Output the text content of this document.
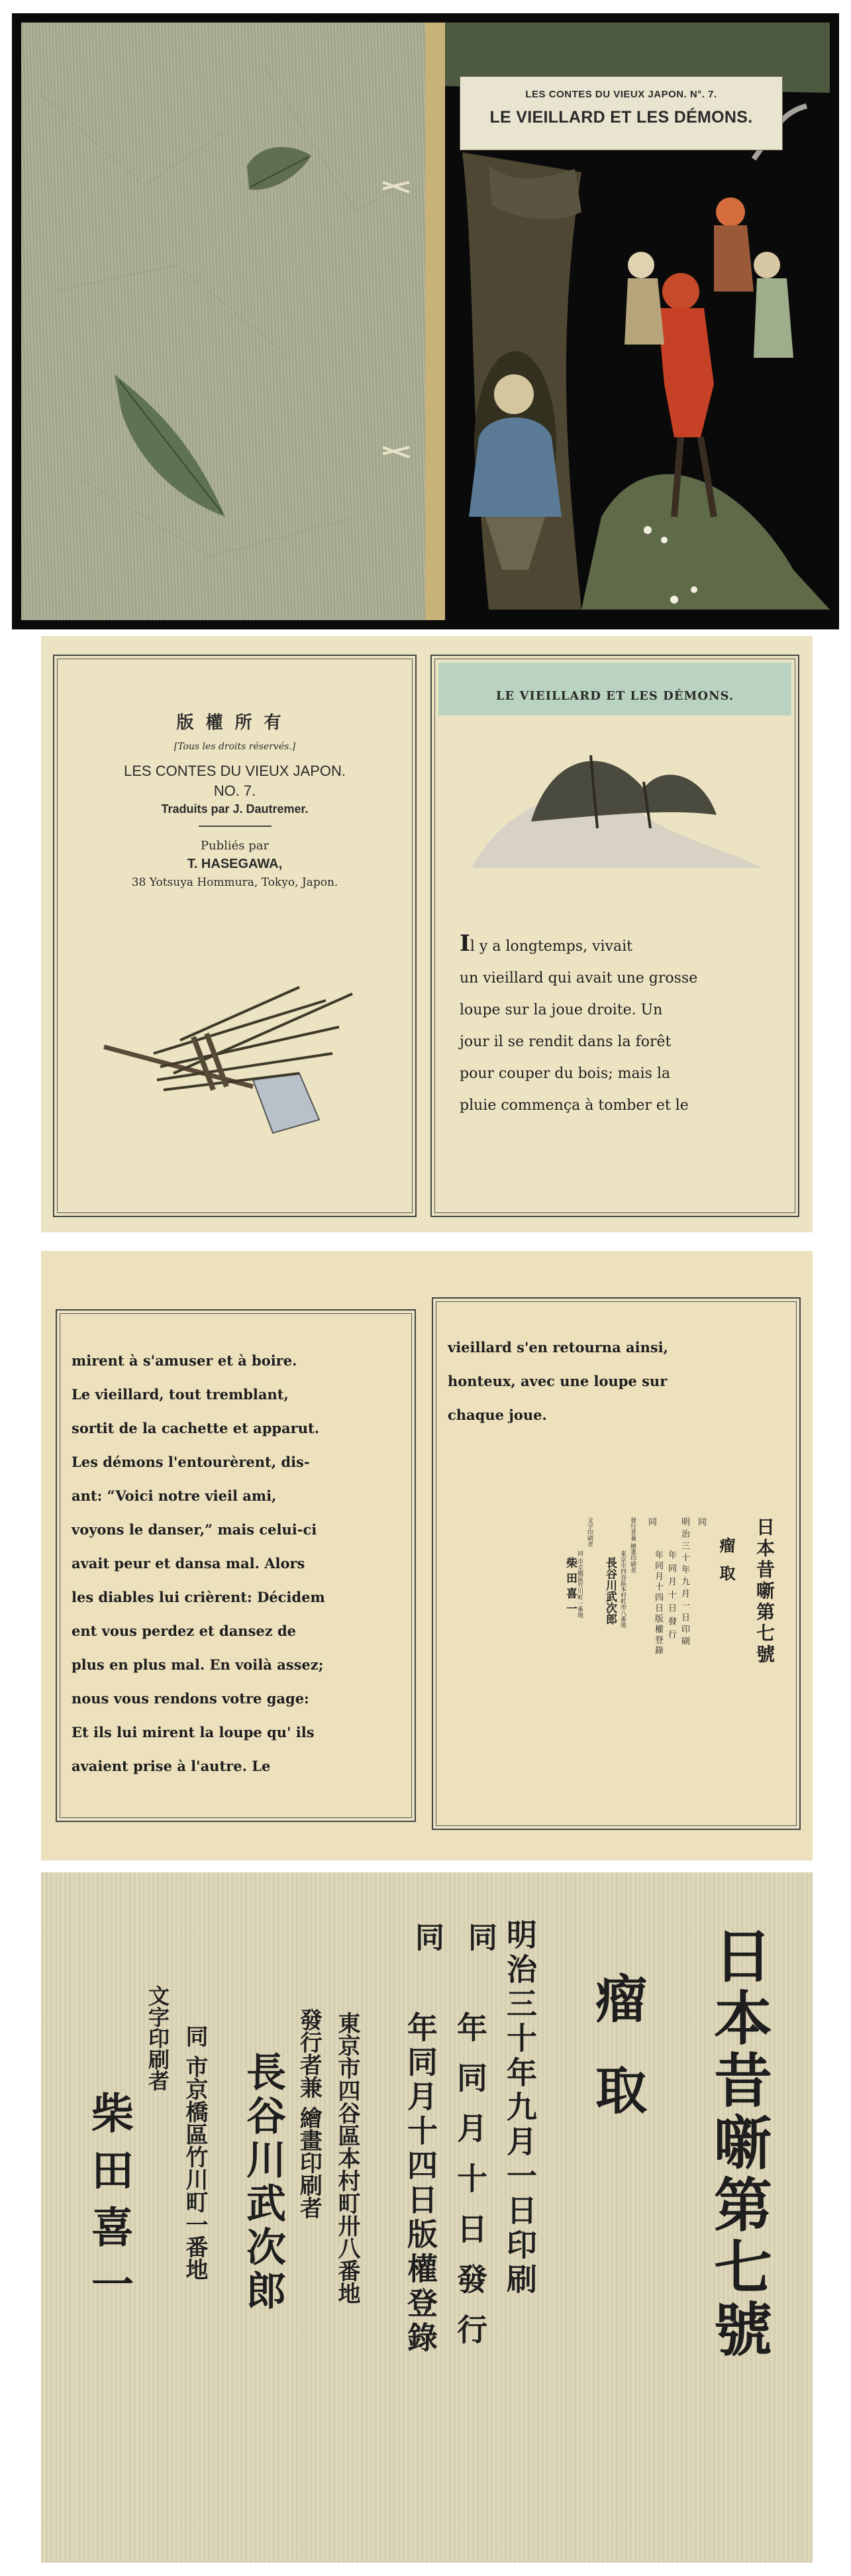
LES CONTES DU VIEUX JAPON. N°. 7.
LE VIEILLARD ET LES DÉMONS.
版權所有
[Tous les droits réservés.]
LES CONTES DU VIEUX JAPON.
NO. 7.
Traduits par J. Dautremer.
Publiés par
T. HASEGAWA,
38 Yotsuya Hommura, Tokyo, Japon.
LE VIEILLARD ET LES DÉMONS.
Il y a longtemps, vivait
un vieillard qui avait une grosse
loupe sur la joue droite. Un
jour il se rendit dans la forêt
pour couper du bois; mais la
pluie commença à tomber et le
mirent à s'amuser et à boire.
Le vieillard, tout tremblant,
sortit de la cachette et apparut.
Les démons l'entourèrent, dis-
ant: “Voici notre vieil ami,
voyons le danser,” mais celui-ci
avait peur et dansa mal. Alors
les diables lui crièrent: Décidem
ent vous perdez et dansez de
plus en plus mal. En voilà assez;
nous vous rendons votre gage:
Et ils lui mirent la loupe qu' ils
avaient prise à l'autre. Le
vieillard s'en retourna ainsi,
honteux, avec une loupe sur
chaque joue.
日本昔噺第七號
瘤取
明治三十年九月一日印刷
年同月十日發行
年同月十四日版權登錄
同
同
發行者兼 繪畫印刷者
東京市四谷區本村町卅八番地
長谷川武次郎
文字印刷者
同 市京橋區竹川町一番地
柴田喜一
日本昔噺第七號
瘤取
明治三十年九月一日印刷
年同月十日發行
年同月十四日版權登錄
同
同
發行者兼 繪畫印刷者 東京市四谷區本村町卅八番地
長谷川武次郎
文字印刷者 同 市京橋區竹川町一番地
柴田喜一
